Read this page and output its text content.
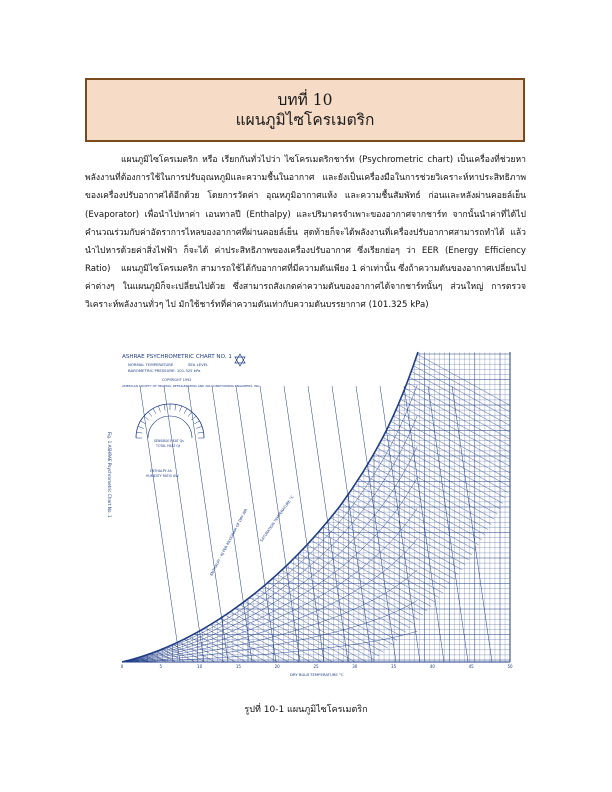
บทที่ 10
แผนภูมิไซโครเมตริก

แผนภูมิไซโครเมตริก หรือ เรียกกันทั่วไปว่า ไซโครเมตริกชาร์ท (Psychrometric chart) เป็นเครื่องที่ช่วยหาพลังงานที่ต้องการใช้ในการปรับอุณหภูมิและความชื้นในอากาศ และยังเป็นเครื่องมือในการช่วยวิเคราะห์หาประสิทธิภาพของเครื่องปรับอากาศได้อีกด้วย โดยการวัดค่า อุณหภูมิอากาศแห้ง และความชื้นสัมพัทธ์ ก่อนและหลังผ่านคอยล์เย็น (Evaporator) เพื่อนำไปหาค่า เอนทาลปี (Enthalpy) และปริมาตรจำเพาะของอากาศจากชาร์ท จากนั้นนำค่าที่ได้ไปคำนวณร่วมกับค่าอัตราการไหลของอากาศที่ผ่านคอยล์เย็น สุดท้ายก็จะได้พลังงานที่เครื่องปรับอากาศสามารถทำได้ แล้วนำไปหารด้วยค่าสิ่งไฟฟ้า ก็จะได้ ค่าประสิทธิภาพของเครื่องปรับอากาศ ซึ่งเรียกย่อๆ ว่า EER (Energy Efficiency Ratio)	แผนภูมิไซโครเมตริก สามารถใช้ได้กับอากาศที่มีความดันเพียง 1 ค่าเท่านั้น ซึ่งถ้าความดันของอากาศเปลี่ยนไปค่าต่างๆ ในแผนภูมิก็จะเปลี่ยนไปด้วย ซึ่งสามารถสังเกตค่าความดันของอากาศได้จากชาร์ทนั้นๆ ส่วนใหญ่ การตรวจวิเคราะห์พลังงานทั่วๆ ไป มักใช้ชาร์ทที่ค่าความดันเท่ากับความดันบรรยากาศ (101.325 kPa)

ASHRAE PSYCHROMETRIC CHART NO. 1
NORMAL TEMPERATURE	SEA LEVEL
BAROMETRIC PRESSURE: 101.325 kPa
COPYRIGHT 1992
AMERICAN SOCIETY OF HEATING, REFRIGERATING AND AIR-CONDITIONING ENGINEERS, INC.
SENSIBLE HEAT Qs
TOTAL HEAT Qt
ENTHALPY Δh
HUMIDITY RATIO ΔW
ENTHALPY - KJ PER KILOGRAM OF DRY AIR	SATURATION TEMPERATURE °C
Fig. 1 ASHRAE Psychrometric Chart No. 1
0	5	10	15	20	25	30	35	40	45	50
DRY BULB TEMPERATURE °C
รูปที่ 10-1 แผนภูมิไซโครเมตริก
